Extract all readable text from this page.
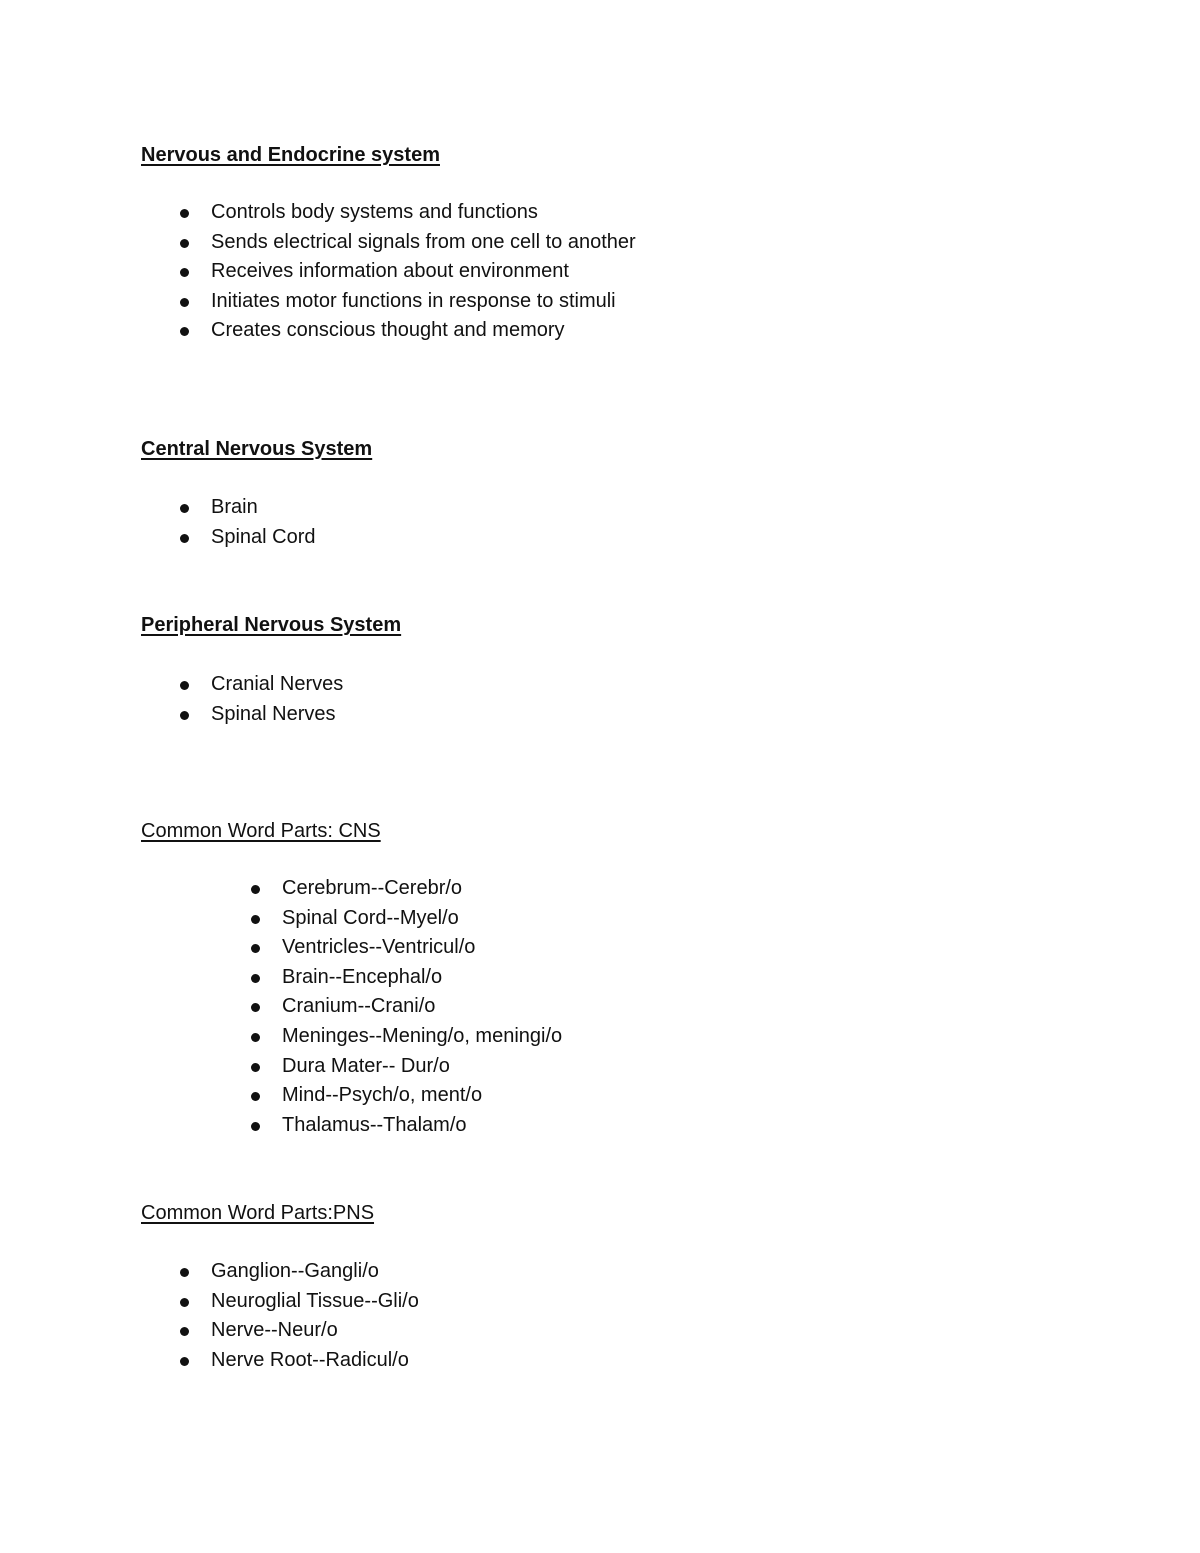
Nervous and Endocrine system
Controls body systems and functions
Sends electrical signals from one cell to another
Receives information about environment
Initiates motor functions in response to stimuli
Creates conscious thought and memory
Central Nervous System
Brain
Spinal Cord
Peripheral Nervous System
Cranial Nerves
Spinal Nerves
Common Word Parts: CNS
Cerebrum--Cerebr/o
Spinal Cord--Myel/o
Ventricles--Ventricul/o
Brain--Encephal/o
Cranium--Crani/o
Meninges--Mening/o, meningi/o
Dura Mater-- Dur/o
Mind--Psych/o, ment/o
Thalamus--Thalam/o
Common Word Parts:PNS
Ganglion--Gangli/o
Neuroglial Tissue--Gli/o
Nerve--Neur/o
Nerve Root--Radicul/o
